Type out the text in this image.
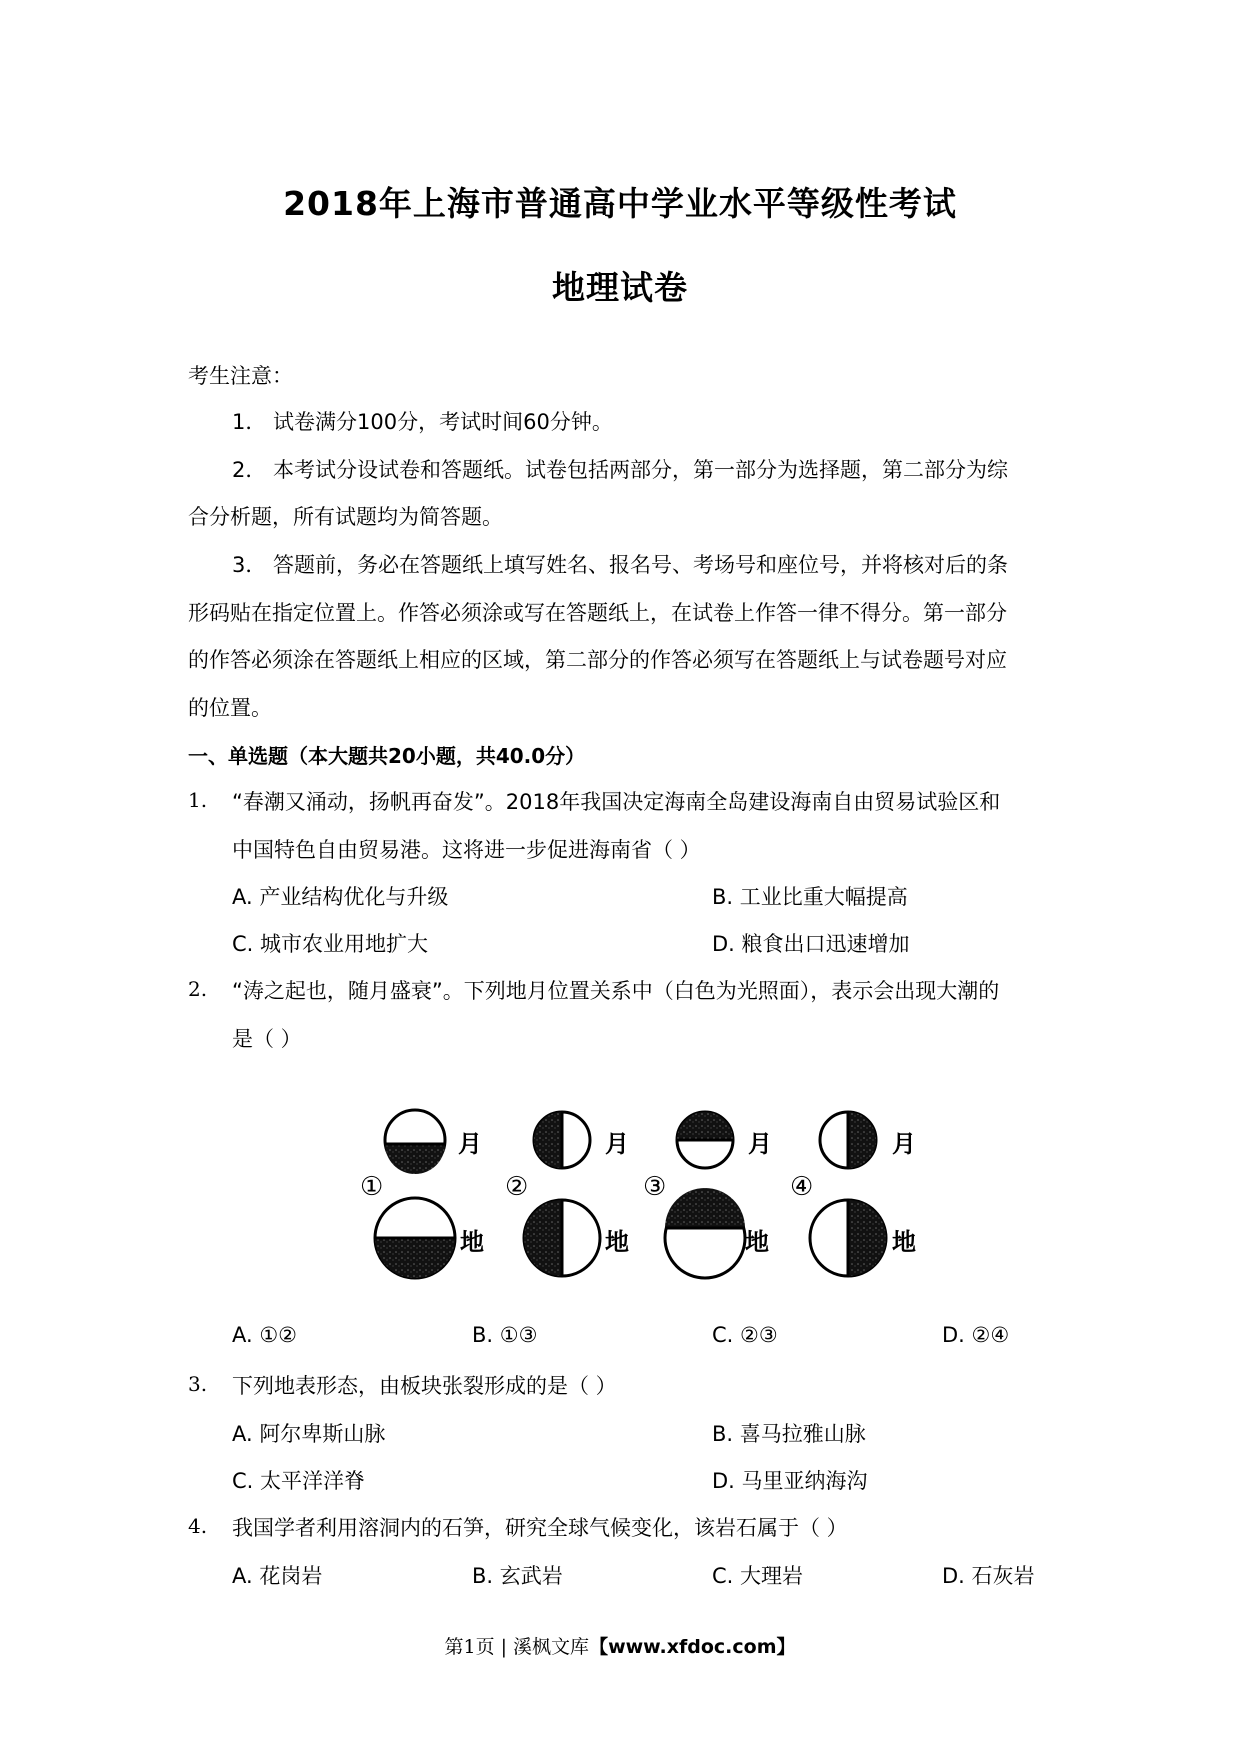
2018年上海市普通高中学业水平等级性考试
地理试卷
考生注意：
1． 试卷满分100分，考试时间60分钟。
2． 本考试分设试卷和答题纸。试卷包括两部分，第一部分为选择题，第二部分为综
合分析题，所有试题均为简答题。
3． 答题前，务必在答题纸上填写姓名、报名号、考场号和座位号，并将核对后的条
形码贴在指定位置上。作答必须涂或写在答题纸上，在试卷上作答一律不得分。第一部分
的作答必须涂在答题纸上相应的区域，第二部分的作答必须写在答题纸上与试卷题号对应
的位置。
一、单选题（本大题共20小题，共40.0分）
1. “春潮又涌动，扬帆再奋发”。2018年我国决定海南全岛建设海南自由贸易试验区和
中国特色自由贸易港。这将进一步促进海南省（ ）
A. 产业结构优化与升级	B. 工业比重大幅提高
C. 城市农业用地扩大	D. 粮食出口迅速增加
2. “涛之起也，随月盛衰”。下列地月位置关系中（白色为光照面），表示会出现大潮的
是（ ）
月
地
①
月
地
②
月
地
③
月
地
④
A. ①②	B. ①③	C. ②③	D. ②④
3. 下列地表形态，由板块张裂形成的是（ ）
A. 阿尔卑斯山脉	B. 喜马拉雅山脉
C. 太平洋洋脊	D. 马里亚纳海沟
4. 我国学者利用溶洞内的石笋，研究全球气候变化，该岩石属于（ ）
A. 花岗岩	B. 玄武岩	C. 大理岩	D. 石灰岩
第1页 | 溪枫文库【www.xfdoc.com】
